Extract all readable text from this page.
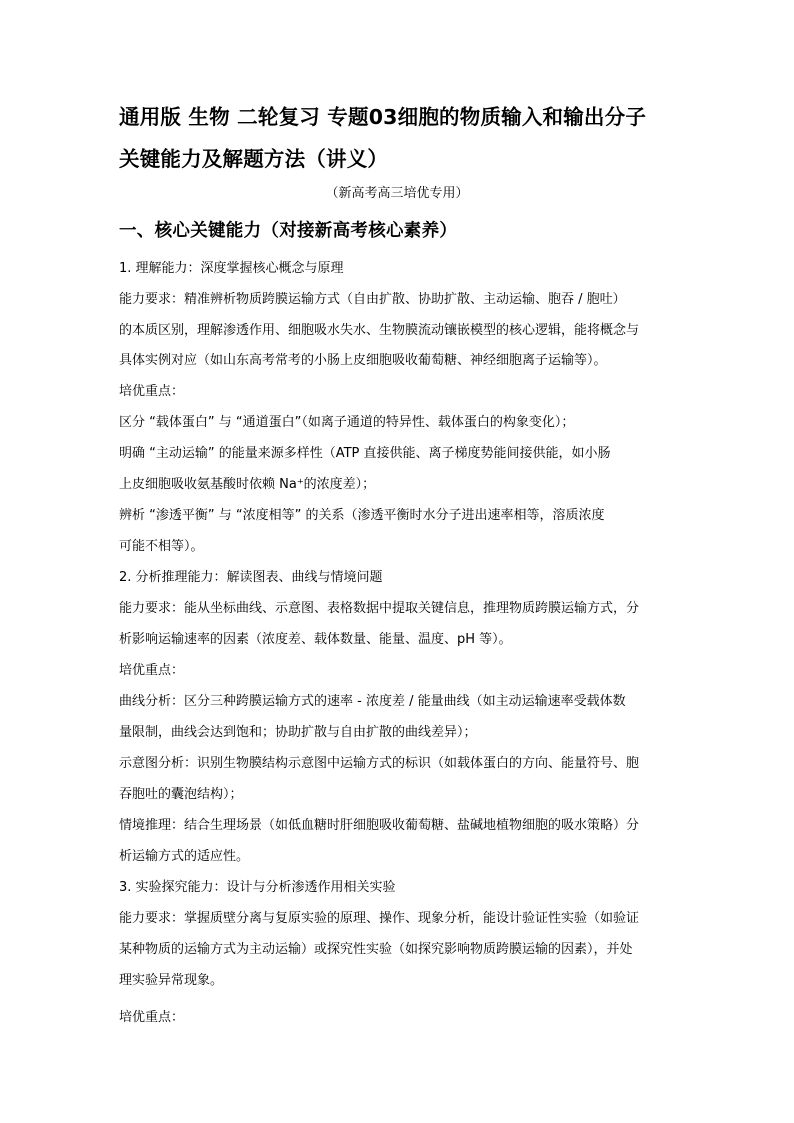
通用版 生物 二轮复习 专题03细胞的物质输入和输出分子
关键能力及解题方法（讲义）
（新高考高三培优专用）
一、核心关键能力（对接新高考核心素养）
1. 理解能力：深度掌握核心概念与原理
能力要求：精准辨析物质跨膜运输方式（自由扩散、协助扩散、主动运输、胞吞 / 胞吐）
的本质区别，理解渗透作用、细胞吸水失水、生物膜流动镶嵌模型的核心逻辑，能将概念与
具体实例对应（如山东高考常考的小肠上皮细胞吸收葡萄糖、神经细胞离子运输等）。
培优重点：
区分 “载体蛋白” 与 “通道蛋白”（如离子通道的特异性、载体蛋白的构象变化）；
明确 “主动运输” 的能量来源多样性（ATP 直接供能、离子梯度势能间接供能，如小肠
上皮细胞吸收氨基酸时依赖 Na⁺的浓度差）；
辨析 “渗透平衡” 与 “浓度相等” 的关系（渗透平衡时水分子进出速率相等，溶质浓度
可能不相等）。
2. 分析推理能力：解读图表、曲线与情境问题
能力要求：能从坐标曲线、示意图、表格数据中提取关键信息，推理物质跨膜运输方式，分
析影响运输速率的因素（浓度差、载体数量、能量、温度、pH 等）。
培优重点：
曲线分析：区分三种跨膜运输方式的速率 - 浓度差 / 能量曲线（如主动运输速率受载体数
量限制，曲线会达到饱和；协助扩散与自由扩散的曲线差异）；
示意图分析：识别生物膜结构示意图中运输方式的标识（如载体蛋白的方向、能量符号、胞
吞胞吐的囊泡结构）；
情境推理：结合生理场景（如低血糖时肝细胞吸收葡萄糖、盐碱地植物细胞的吸水策略）分
析运输方式的适应性。
3. 实验探究能力：设计与分析渗透作用相关实验
能力要求：掌握质壁分离与复原实验的原理、操作、现象分析，能设计验证性实验（如验证
某种物质的运输方式为主动运输）或探究性实验（如探究影响物质跨膜运输的因素），并处
理实验异常现象。
培优重点：
